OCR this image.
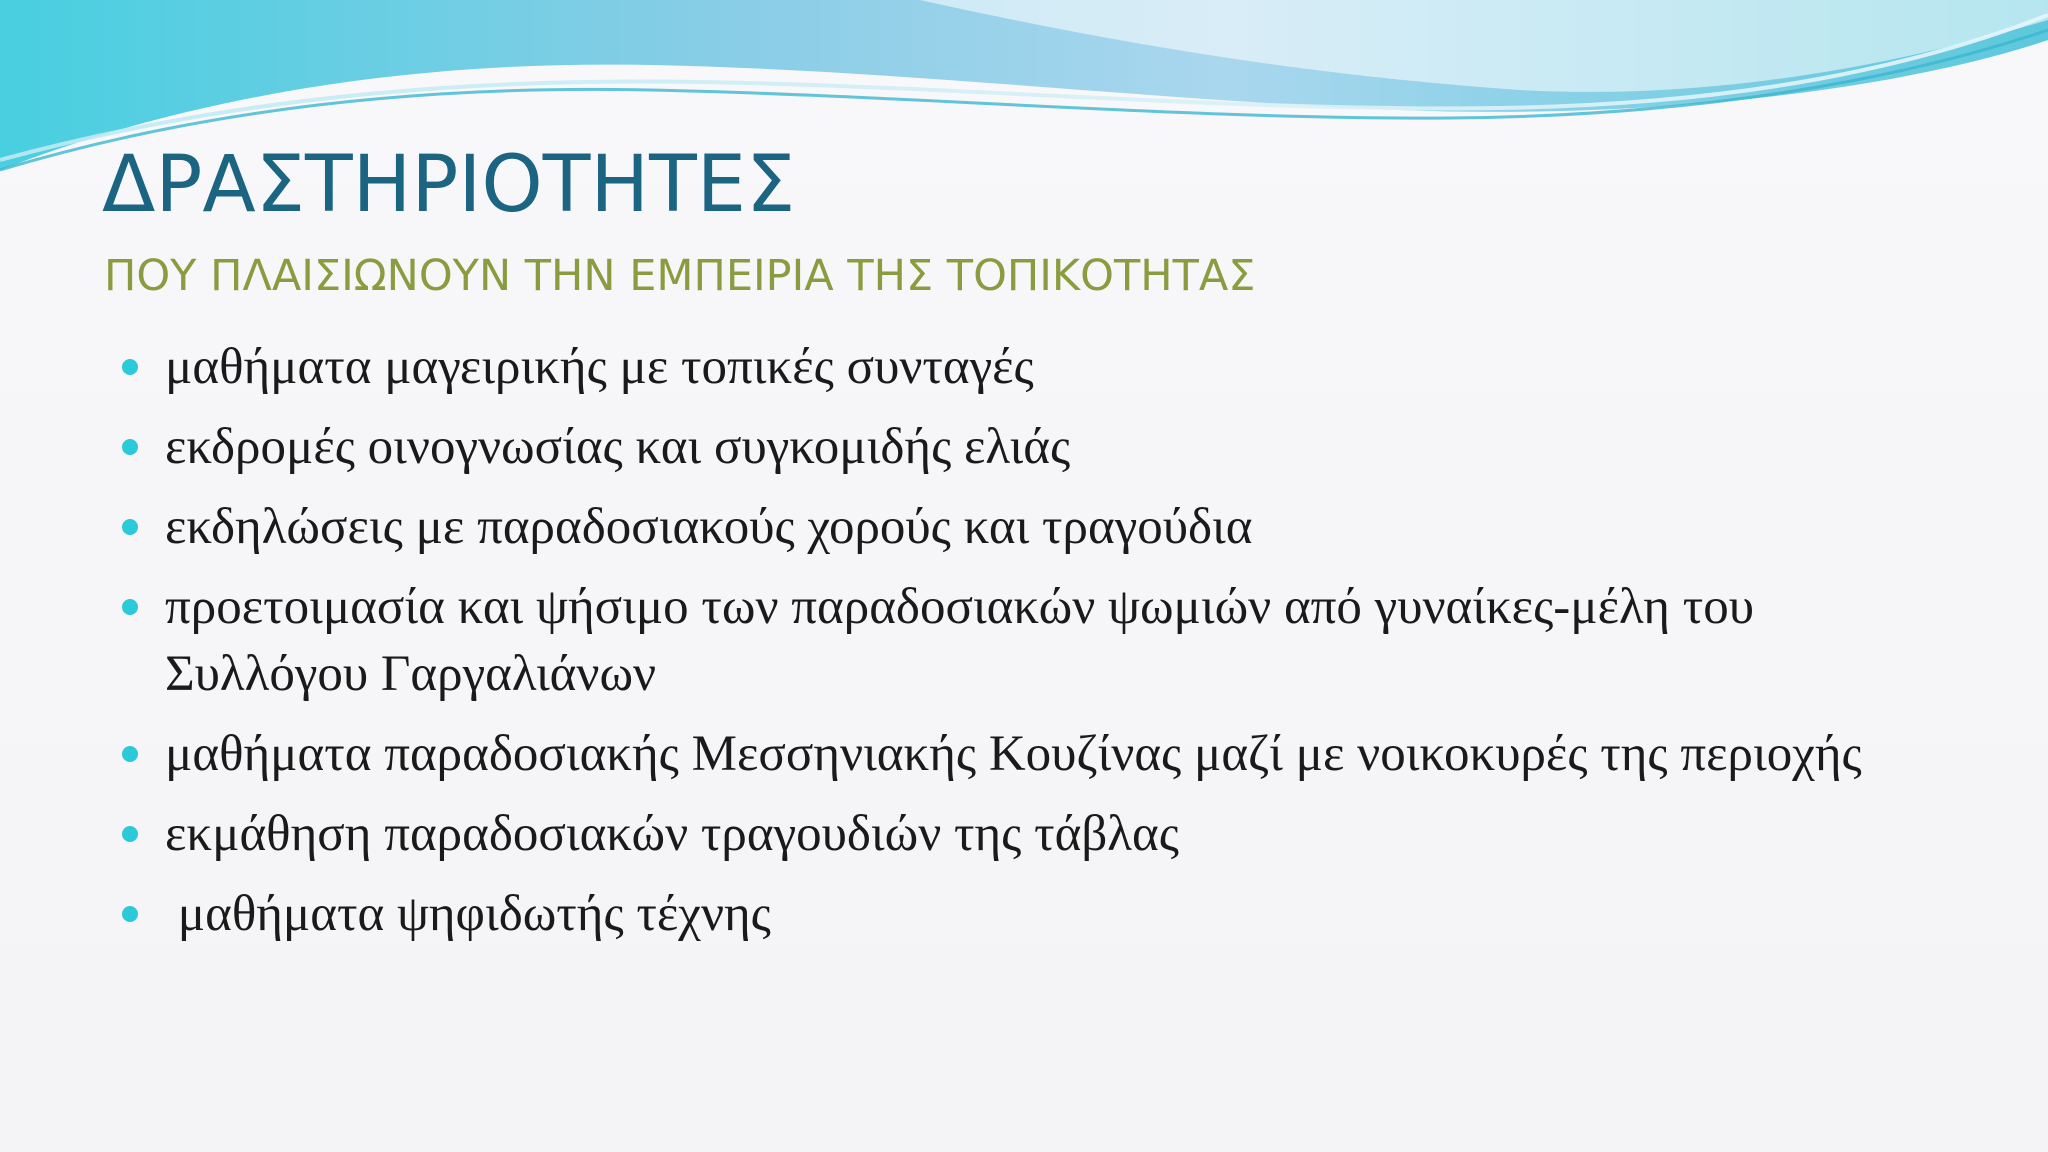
ΔΡΑΣΤΗΡΙΟΤΗΤΕΣ
ΠΟΥ ΠΛΑΙΣΙΩΝΟΥΝ ΤΗΝ ΕΜΠΕΙΡΙΑ ΤΗΣ ΤΟΠΙΚΟΤΗΤΑΣ
μαθήματα μαγειρικής με τοπικές συνταγές
εκδρομές οινογνωσίας και συγκομιδής ελιάς
εκδηλώσεις με παραδοσιακούς χορούς και τραγούδια
προετοιμασία και ψήσιμο των παραδοσιακών ψωμιών από γυναίκες-μέλη του Συλλόγου Γαργαλιάνων
μαθήματα παραδοσιακής Μεσσηνιακής Κουζίνας μαζί με νοικοκυρές της περιοχής
εκμάθηση παραδοσιακών τραγουδιών της τάβλας
μαθήματα ψηφιδωτής τέχνης
